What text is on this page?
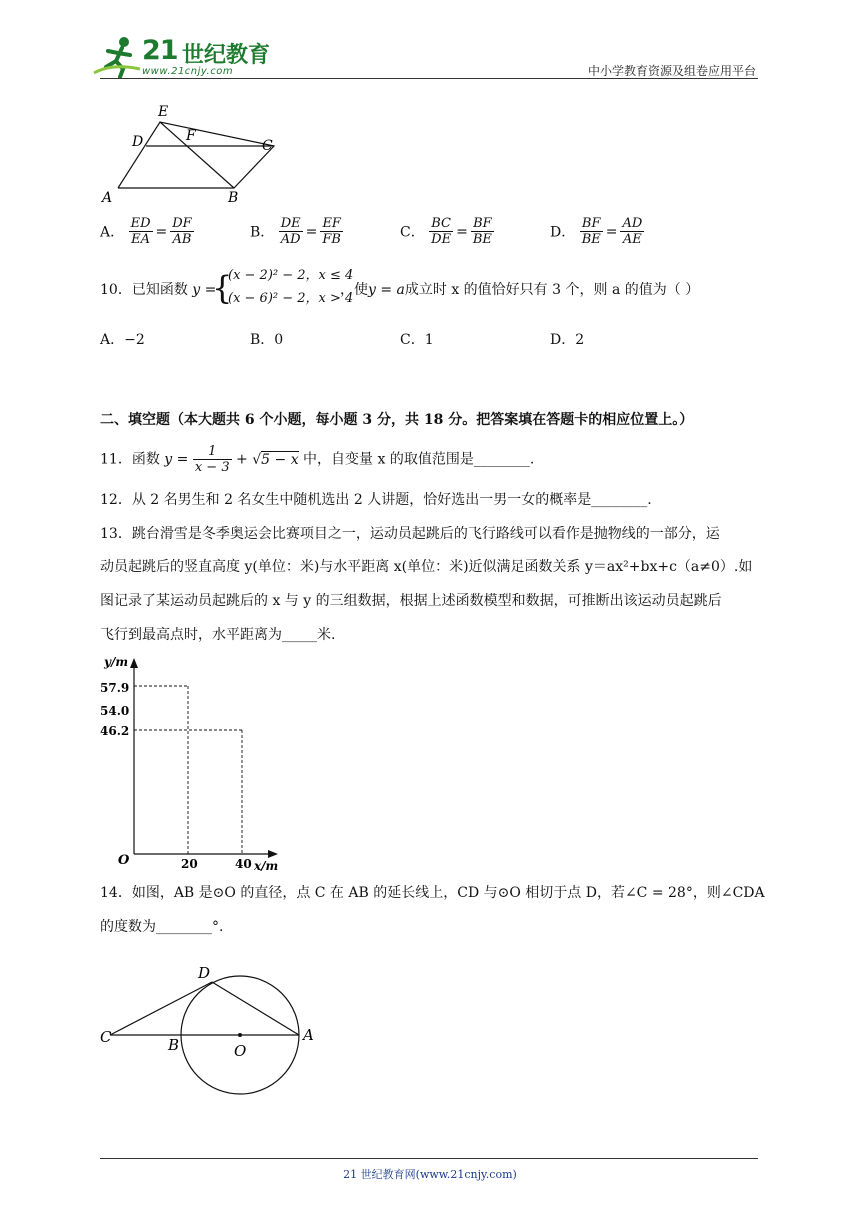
21 世纪教育
www.21cnjy.com	中小学教育资源及组卷应用平台
E
D	F
C
A	B
A． $\frac{ED}{EA} = \frac{DF}{AB}$	B． $\frac{DE}{AD} = \frac{EF}{FB}$	C． $\frac{BC}{DE} = \frac{BF}{BE}$	D． $\frac{BF}{BE} = \frac{AD}{AE}$
10．已知函数 y =
{
(x − 2)² − 2，x ≤ 4
(x − 6)² − 2，x > 4
，使y = a成立时 x 的值恰好只有 3 个，则 a 的值为（ ）
A．−2	B．0	C．1	D．2
二、填空题（本大题共 6 个小题，每小题 3 分，共 18 分。把答案填在答题卡的相应位置上。）
11．函数 $y = \frac{1}{x - 3} + √5 - x$ 中，自变量 x 的取值范围是________.
12．从 2 名男生和 2 名女生中随机选出 2 人讲题，恰好选出一男一女的概率是________.
13．跳台滑雪是冬季奥运会比赛项目之一，运动员起跳后的飞行路线可以看作是抛物线的一部分，运
动员起跳后的竖直高度 y(单位：米)与水平距离 x(单位：米)近似满足函数关系 y＝ax²+bx+c（a≠0）.如
图记录了某运动员起跳后的 x 与 y 的三组数据，根据上述函数模型和数据，可推断出该运动员起跳后
飞行到最高点时，水平距离为_____米.
y/m
x/m
O	20	40
57.9
54.0
46.2
14．如图，AB 是⊙O 的直径，点 C 在 AB 的延长线上，CD 与⊙O 相切于点 D，若∠C = 28°，则∠CDA
的度数为________°.
D
C	B	O
A
21 世纪教育网(www.21cnjy.com)
